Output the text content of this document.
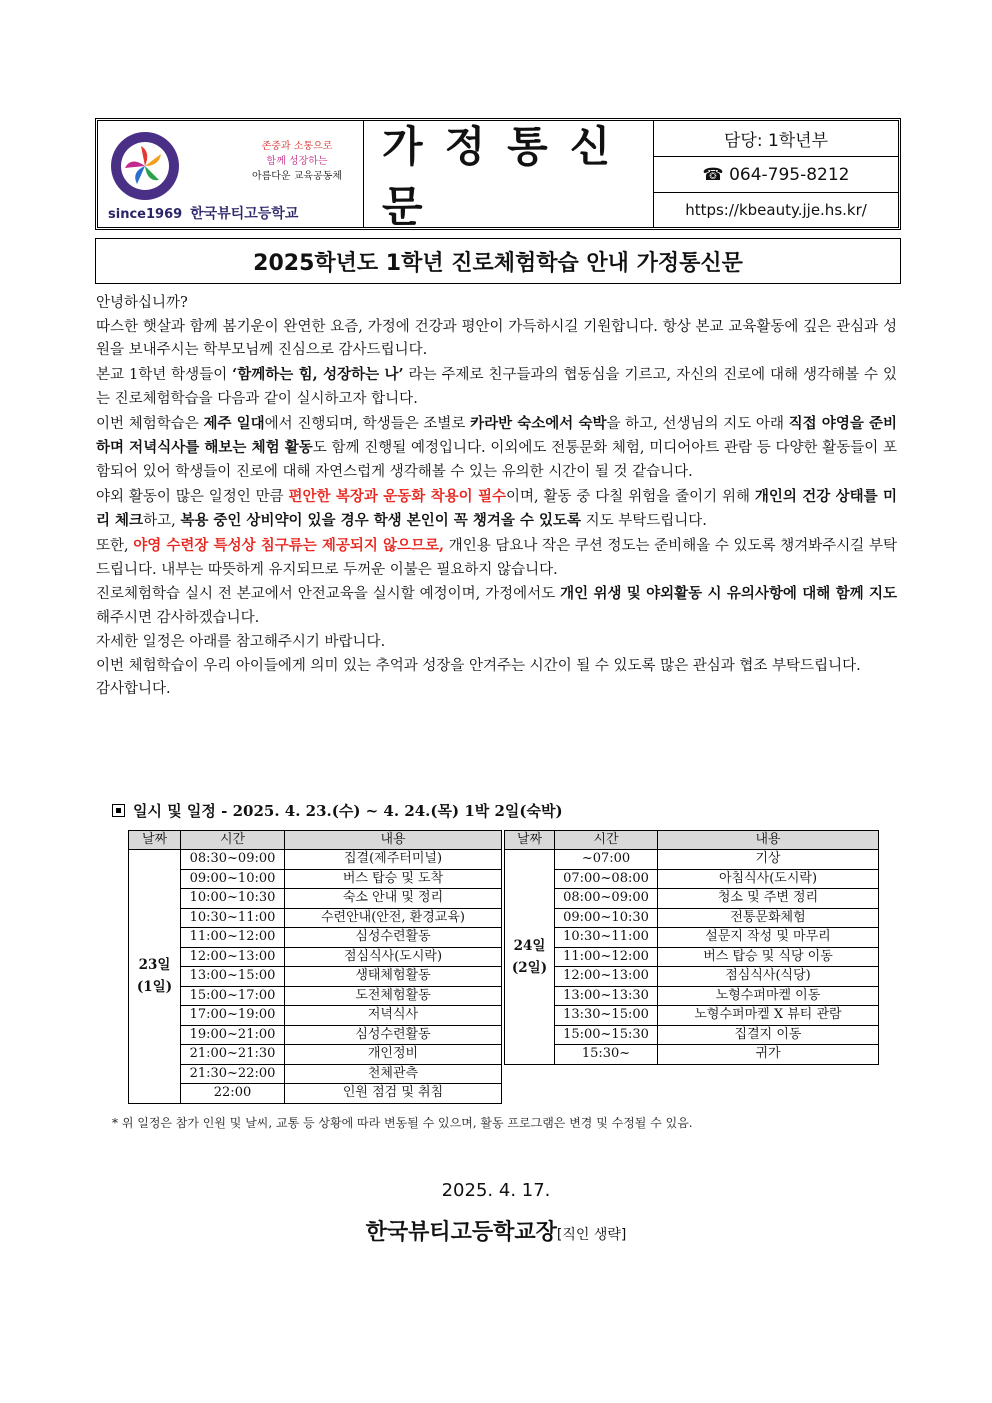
존중과 소통으로
함께 성장하는
아름다운 교육공동체
since1969 한국뷰티고등학교
가정통신문
담당: 1학년부
☎ 064-795-8212
https://kbeauty.jje.hs.kr/
2025학년도 1학년 진로체험학습 안내 가정통신문

안녕하십니까?

따스한 햇살과 함께 봄기운이 완연한 요즘, 가정에 건강과 평안이 가득하시길 기원합니다. 항상 본교 교육활동에 깊은 관심과 성원을 보내주시는 학부모님께 진심으로 감사드립니다.

본교 1학년 학생들이 ‘함께하는 힘, 성장하는 나’ 라는 주제로 친구들과의 협동심을 기르고, 자신의 진로에 대해 생각해볼 수 있는 진로체험학습을 다음과 같이 실시하고자 합니다.

이번 체험학습은 제주 일대에서 진행되며, 학생들은 조별로 카라반 숙소에서 숙박을 하고, 선생님의 지도 아래 직접 야영을 준비하며 저녁식사를 해보는 체험 활동도 함께 진행될 예정입니다. 이외에도 전통문화 체험, 미디어아트 관람 등 다양한 활동들이 포함되어 있어 학생들이 진로에 대해 자연스럽게 생각해볼 수 있는 유의한 시간이 될 것 같습니다.

야외 활동이 많은 일정인 만큼 편안한 복장과 운동화 착용이 필수이며, 활동 중 다칠 위험을 줄이기 위해 개인의 건강 상태를 미리 체크하고, 복용 중인 상비약이 있을 경우 학생 본인이 꼭 챙겨올 수 있도록 지도 부탁드립니다.

또한, 야영 수련장 특성상 침구류는 제공되지 않으므로, 개인용 담요나 작은 쿠션 정도는 준비해올 수 있도록 챙겨봐주시길 부탁드립니다. 내부는 따뜻하게 유지되므로 두꺼운 이불은 필요하지 않습니다.

진로체험학습 실시 전 본교에서 안전교육을 실시할 예정이며, 가정에서도 개인 위생 및 야외활동 시 유의사항에 대해 함께 지도해주시면 감사하겠습니다.

자세한 일정은 아래를 참고해주시기 바랍니다.

이번 체험학습이 우리 아이들에게 의미 있는 추억과 성장을 안겨주는 시간이 될 수 있도록 많은 관심과 협조 부탁드립니다.

감사합니다.

일시 및 일정 - 2025. 4. 23.(수) ~ 4. 24.(목) 1박 2일(숙박)
날짜	시간	내용

23일
(1일)	08:30~09:00	집결(제주터미널)
	09:00~10:00	버스 탑승 및 도착
	10:00~10:30	숙소 안내 및 정리
	10:30~11:00	수련안내(안전, 환경교육)
	11:00~12:00	심성수련활동
	12:00~13:00	점심식사(도시락)
	13:00~15:00	생태체험활동
	15:00~17:00	도전체험활동
	17:00~19:00	저녁식사
	19:00~21:00	심성수련활동
	21:00~21:30	개인정비
	21:30~22:00	천체관측
	22:00	인원 점검 및 취침
날짜	시간	내용

24일
(2일)	~07:00	기상
	07:00~08:00	아침식사(도시락)
	08:00~09:00	청소 및 주변 정리
	09:00~10:30	전통문화체험
	10:30~11:00	설문지 작성 및 마무리
	11:00~12:00	버스 탑승 및 식당 이동
	12:00~13:00	점심식사(식당)
	13:00~13:30	노형수퍼마켙 이동
	13:30~15:00	노형수퍼마켙 X 뷰티 관람
	15:00~15:30	집결지 이동
	15:30~	귀가
* 위 일정은 참가 인원 및 날씨, 교통 등 상황에 따라 변동될 수 있으며, 활동 프로그램은 변경 및 수정될 수 있음.
2025. 4. 17.
한국뷰티고등학교장[직인 생략]
